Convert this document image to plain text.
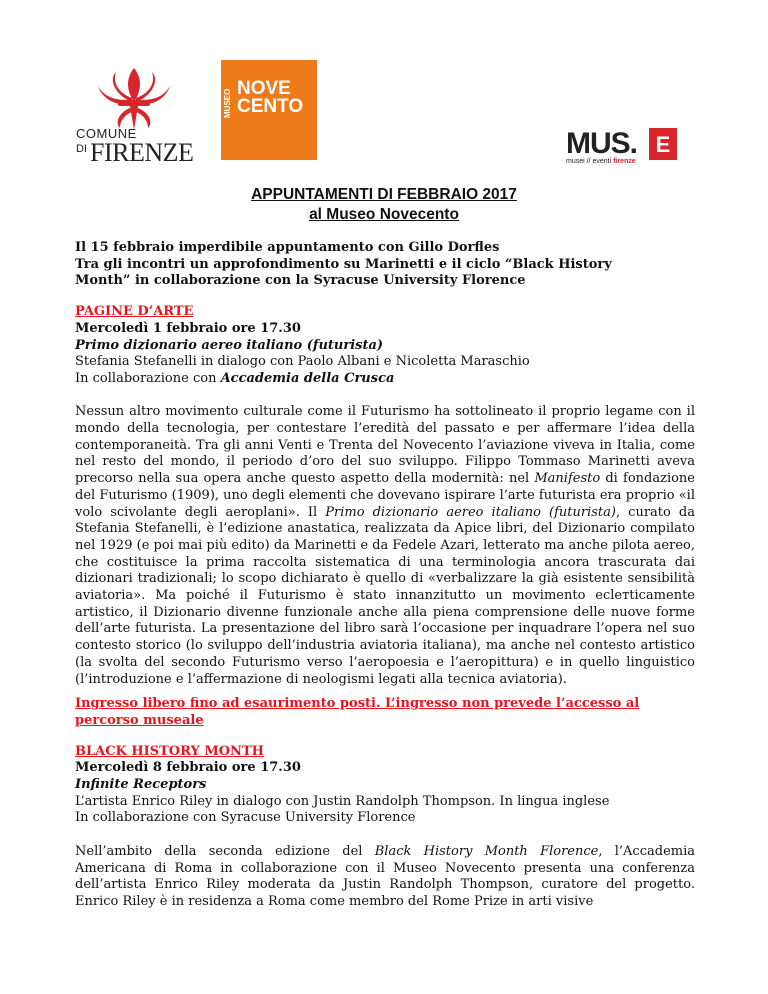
COMUNE
DI FIRENZE
MUSEO
NOVE
CENTO
MUS. E
musei // eventi firenze
APPUNTAMENTI DI FEBBRAIO 2017
al Museo Novecento

Il 15 febbraio imperdibile appuntamento con Gillo Dorfles

Tra gli incontri un approfondimento su Marinetti e il ciclo “Black History

Month” in collaborazione con la Syracuse University Florence

PAGINE D’ARTE

Mercoledì 1 febbraio ore 17.30

Primo dizionario aereo italiano (futurista)

Stefania Stefanelli in dialogo con Paolo Albani e Nicoletta Maraschio

In collaborazione con Accademia della Crusca

Nessun altro movimento culturale come il Futurismo ha sottolineato il proprio legame con il mondo della tecnologia, per contestare l’eredità del passato e per affermare l’idea della contemporaneità. Tra gli anni Venti e Trenta del Novecento l’aviazione viveva in Italia, come nel resto del mondo, il periodo d’oro del suo sviluppo. Filippo Tommaso Marinetti aveva precorso nella sua opera anche questo aspetto della modernità: nel Manifesto di fondazione del Futurismo (1909), uno degli elementi che dovevano ispirare l’arte futurista era proprio «il volo scivolante degli aeroplani». Il Primo dizionario aereo italiano (futurista), curato da Stefania Stefanelli, è l’edizione anastatica, realizzata da Apice libri, del Dizionario compilato nel 1929 (e poi mai più edito) da Marinetti e da Fedele Azari, letterato ma anche pilota aereo, che costituisce la prima raccolta sistematica di una terminologia ancora trascurata dai dizionari tradizionali; lo scopo dichiarato è quello di «verbalizzare la già esistente sensibilità aviatoria». Ma poiché il Futurismo è stato innanzitutto un movimento eclетticamente artistico, il Dizionario divenne funzionale anche alla piena comprensione delle nuove forme dell’arte futurista. La presentazione del libro sarà l’occasione per inquadrare l’opera nel suo contesto storico (lo sviluppo dell’industria aviatoria italiana), ma anche nel contesto artistico (la svolta del secondo Futurismo verso l’aeropoesia e l’aeropittura) e in quello linguistico (l’introduzione e l’affermazione di neologismi legati alla tecnica aviatoria).

Ingresso libero fino ad esaurimento posti. L’ingresso non prevede l’accesso al percorso museale

BLACK HISTORY MONTH

Mercoledì 8 febbraio ore 17.30

Infinite Receptors

L’artista Enrico Riley in dialogo con Justin Randolph Thompson. In lingua inglese

In collaborazione con Syracuse University Florence

Nell’ambito della seconda edizione del Black History Month Florence, l’Accademia Americana di Roma in collaborazione con il Museo Novecento presenta una conferenza dell’artista Enrico Riley moderata da Justin Randolph Thompson, curatore del progetto. Enrico Riley è in residenza a Roma come membro del Rome Prize in arti visive
